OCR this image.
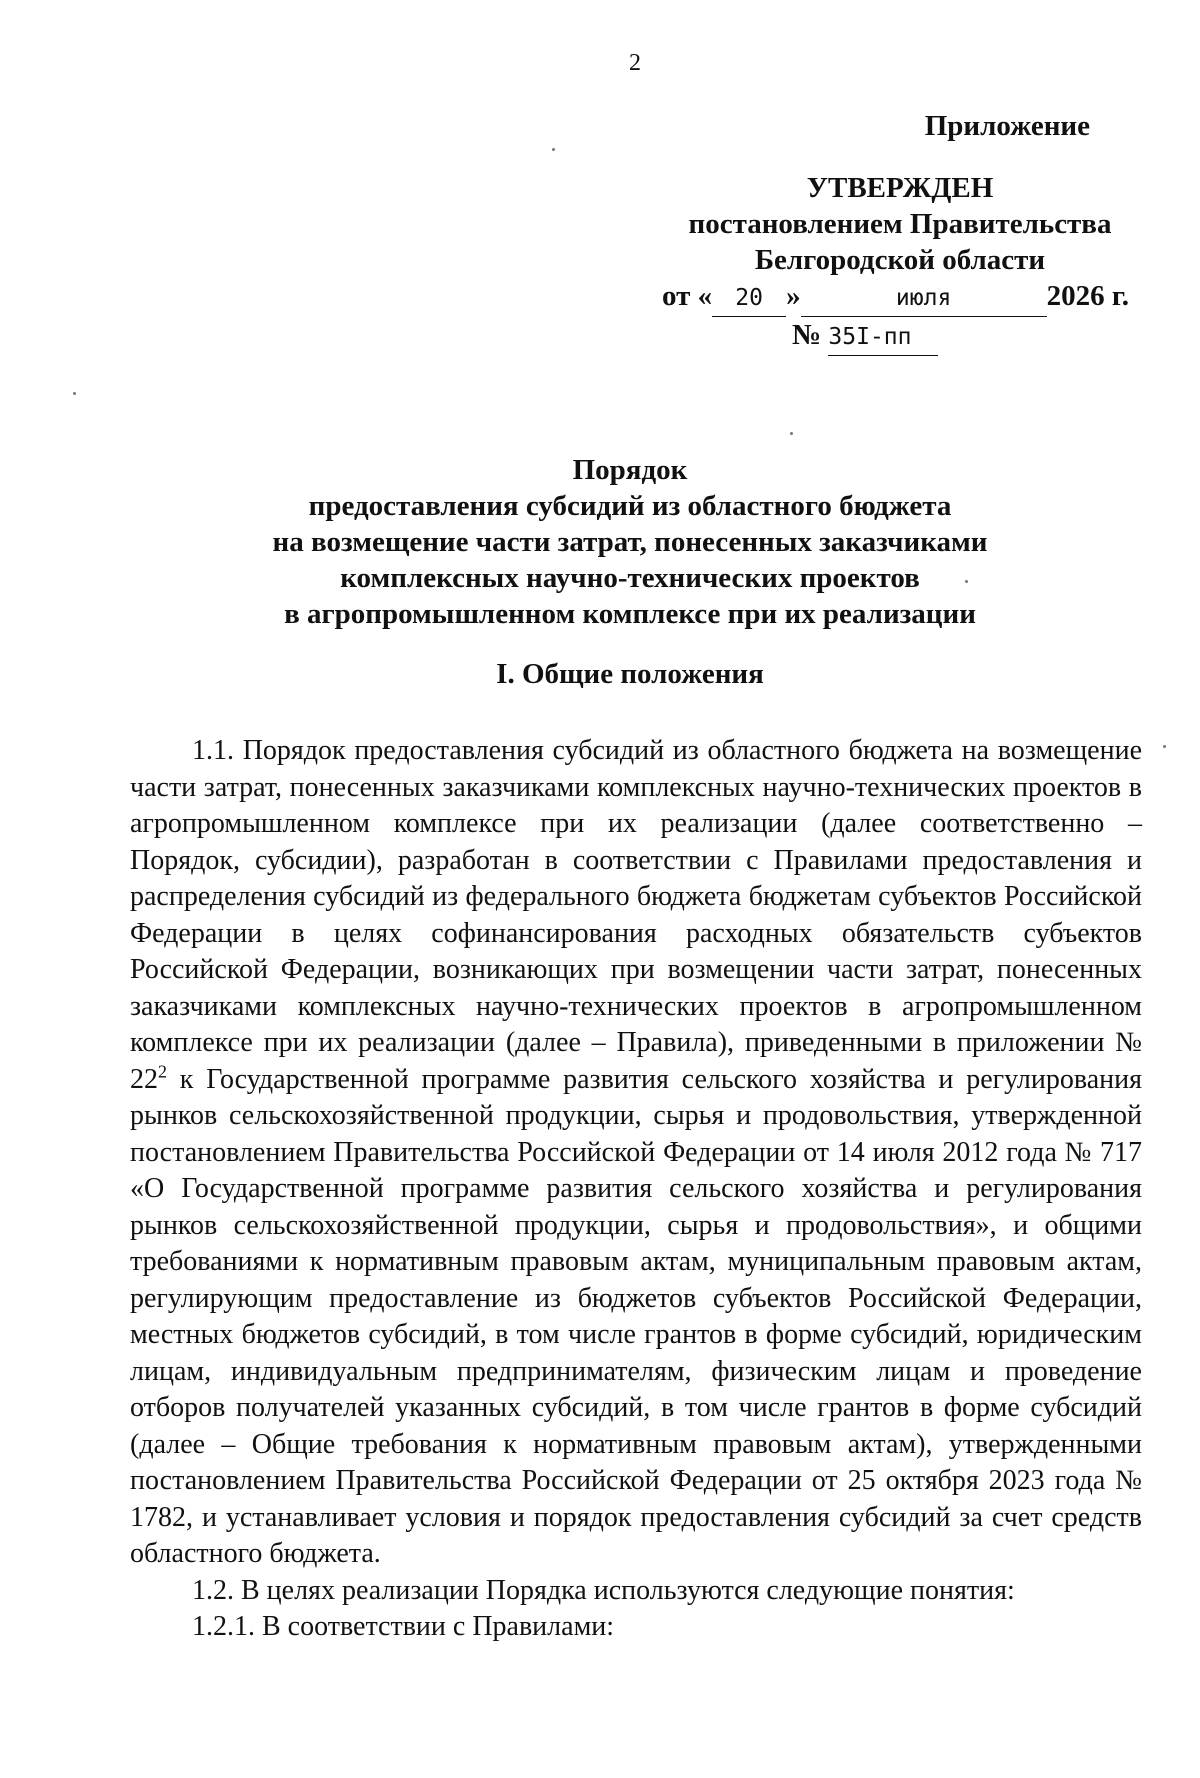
2
Приложение
УТВЕРЖДЕН
постановлением Правительства
Белгородской области
от « 20 »	июля	2026 г.
№ 35I-пп
Порядок
предоставления субсидий из областного бюджета
на возмещение части затрат, понесенных заказчиками
комплексных научно-технических проектов
в агропромышленном комплексе при их реализации
I. Общие положения

1.1. Порядок предоставления субсидий из областного бюджета на возмещение части затрат, понесенных заказчиками комплексных научно-технических проектов в агропромышленном комплексе при их реализации (далее соответственно – Порядок, субсидии), разработан в соответствии с Правилами предоставления и распределения субсидий из федерального бюджета бюджетам субъектов Российской Федерации в целях софинансирования расходных обязательств субъектов Российской Федерации, возникающих при возмещении части затрат, понесенных заказчиками комплексных научно-технических проектов в агропромышленном комплексе при их реализации (далее – Правила), приведенными в приложении № $22^2$ к Государственной программе развития сельского хозяйства и регулирования рынков сельскохозяйственной продукции, сырья и продовольствия, утвержденной постановлением Правительства Российской Федерации от 14 июля 2012 года № 717 «О Государственной программе развития сельского хозяйства и регулирования рынков сельскохозяйственной продукции, сырья и продовольствия», и общими требованиями к нормативным правовым актам, муниципальным правовым актам, регулирующим предоставление из бюджетов субъектов Российской Федерации, местных бюджетов субсидий, в том числе грантов в форме субсидий, юридическим лицам, индивидуальным предпринимателям, физическим лицам и проведение отборов получателей указанных субсидий, в том числе грантов в форме субсидий (далее – Общие требования к нормативным правовым актам), утвержденными постановлением Правительства Российской Федерации от 25 октября 2023 года № 1782, и устанавливает условия и порядок предоставления субсидий за счет средств областного бюджета.

1.2. В целях реализации Порядка используются следующие понятия:

1.2.1. В соответствии с Правилами:
